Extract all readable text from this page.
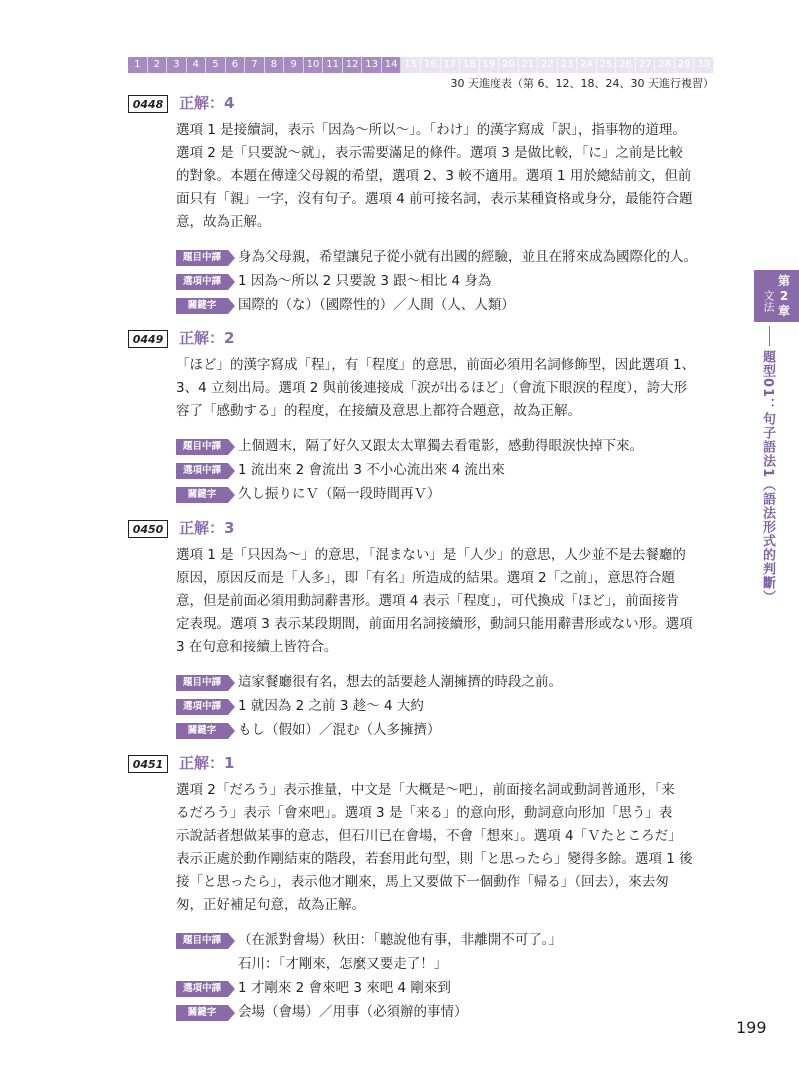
1	2	3	4	5	6	7	8	9 10 11 12 13 14 15 16 17 18 19 20 21 22 23 24 25 26 27 28 29 30
30 天進度表（第 6、12、18、24、30 天進行複習）
文法
第2章
題型01：句子語法1（語法形式的判斷）
0448	正解：4
選項 1 是接續詞，表示「因為～所以～」。「わけ」的漢字寫成「訳」，指事物的道理。
選項 2 是「只要說～就」，表示需要滿足的條件。選項 3 是做比較，「に」之前是比較
的對象。本題在傳達父母親的希望，選項 2、3 較不適用。選項 1 用於總結前文，但前
面只有「親」一字，沒有句子。選項 4 前可接名詞，表示某種資格或身分，最能符合題
意，故為正解。
題目中譯 身為父母親，希望讓兒子從小就有出國的經驗，並且在將來成為國際化的人。
選項中譯 1 因為～所以 2 只要說 3 跟～相比 4 身為
關鍵字 国際的（な）（國際性的）／人間（人、人類）
0449	正解：2
「ほど」的漢字寫成「程」，有「程度」的意思，前面必須用名詞修飾型，因此選項 1、
3、4 立刻出局。選項 2 與前後連接成「涙が出るほど」（會流下眼淚的程度），誇大形
容了「感動する」的程度，在接續及意思上都符合題意，故為正解。
題目中譯 上個週末，隔了好久又跟太太單獨去看電影，感動得眼淚快掉下來。
選項中譯 1 流出來 2 會流出 3 不小心流出來 4 流出來
關鍵字 久し振りにＶ（隔一段時間再Ｖ）
0450	正解：3
選項 1 是「只因為～」的意思，「混まない」是「人少」的意思，人少並不是去餐廳的
原因，原因反而是「人多」，即「有名」所造成的結果。選項 2「之前」，意思符合題
意，但是前面必須用動詞辭書形。選項 4 表示「程度」，可代換成「ほど」，前面接肯
定表現。選項 3 表示某段期間，前面用名詞接續形，動詞只能用辭書形或ない形。選項
3 在句意和接續上皆符合。
題目中譯 這家餐廳很有名，想去的話要趁人潮擁擠的時段之前。
選項中譯 1 就因為 2 之前 3 趁～ 4 大約
關鍵字 もし（假如）／混む（人多擁擠）
0451	正解：1
選項 2「だろう」表示推量，中文是「大概是～吧」，前面接名詞或動詞普通形，「来
るだろう」表示「會來吧」。選項 3 是「来る」的意向形，動詞意向形加「思う」表
示說話者想做某事的意志，但石川已在會場，不會「想來」。選項 4「Ｖたところだ」
表示正處於動作剛結束的階段，若套用此句型，則「と思ったら」變得多餘。選項 1 後
接「と思ったら」，表示他才剛來，馬上又要做下一個動作「帰る」（回去），來去匆
匆，正好補足句意，故為正解。
題目中譯 （在派對會場）秋田：「聽說他有事，非離開不可了。」
石川：「才剛來，怎麼又要走了！」
選項中譯 1 才剛來 2 會來吧 3 來吧 4 剛來到
關鍵字 会場（會場）／用事（必須辦的事情）
199
